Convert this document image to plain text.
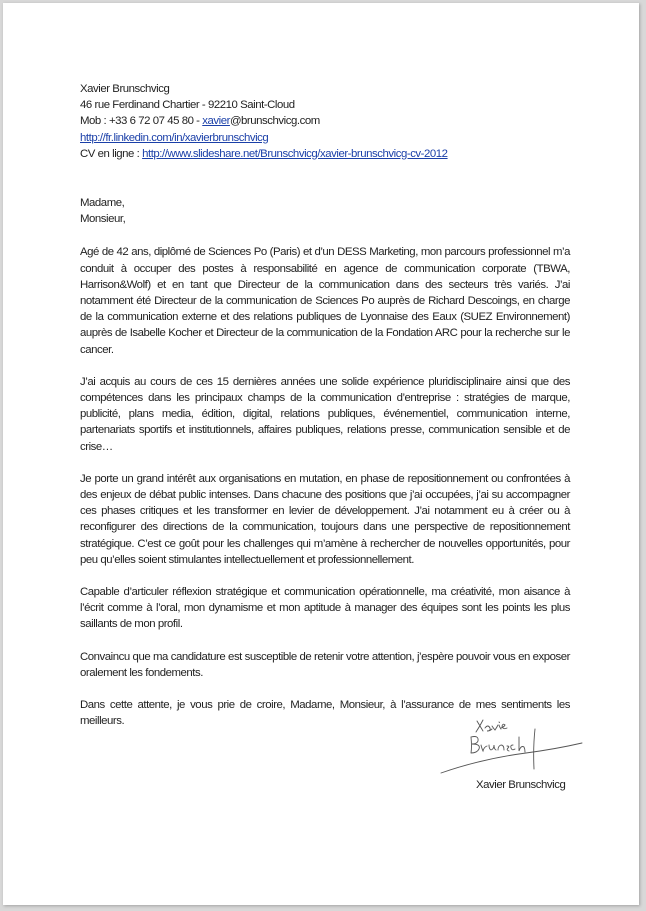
Xavier Brunschvicg
46 rue Ferdinand Chartier - 92210 Saint-Cloud
Mob : +33 6 72 07 45 80 - xavier@brunschvicg.com
http://fr.linkedin.com/in/xavierbrunschvicg
CV en ligne : http://www.slideshare.net/Brunschvicg/xavier-brunschvicg-cv-2012
Madame,
Monsieur,
Agé de 42 ans, diplômé de Sciences Po (Paris) et d’un DESS Marketing, mon parcours professionnel m’a conduit à occuper des postes à responsabilité en agence de communication corporate (TBWA, Harrison&Wolf) et en tant que Directeur de la communication dans des secteurs très variés. J’ai notamment été Directeur de la communication de Sciences Po auprès de Richard Descoings, en charge de la communication externe et des relations publiques de Lyonnaise des Eaux (SUEZ Environnement) auprès de Isabelle Kocher et Directeur de la communication de la Fondation ARC pour la recherche sur le cancer.
J’ai acquis au cours de ces 15 dernières années une solide expérience pluridisciplinaire ainsi que des compétences dans les principaux champs de la communication d’entreprise : stratégies de marque, publicité, plans media, édition, digital, relations publiques, événementiel, communication interne, partenariats sportifs et institutionnels, affaires publiques, relations presse, communication sensible et de crise…
Je porte un grand intérêt aux organisations en mutation, en phase de repositionnement ou confrontées à des enjeux de débat public intenses. Dans chacune des positions que j’ai occupées, j’ai su accompagner ces phases critiques et les transformer en levier de développement. J’ai notamment eu à créer ou à reconfigurer des directions de la communication, toujours dans une perspective de repositionnement stratégique. C’est ce goût pour les challenges qui m’amène à rechercher de nouvelles opportunités, pour peu qu’elles soient stimulantes intellectuellement et professionnellement.
Capable d’articuler réflexion stratégique et communication opérationnelle, ma créativité, mon aisance à l’écrit comme à l’oral, mon dynamisme et mon aptitude à manager des équipes sont les points les plus saillants de mon profil.
Convaincu que ma candidature est susceptible de retenir votre attention, j’espère pouvoir vous en exposer oralement les fondements.
Dans cette attente, je vous prie de croire, Madame, Monsieur, à l’assurance de mes sentiments les meilleurs.
Xavier Brunschvicg
